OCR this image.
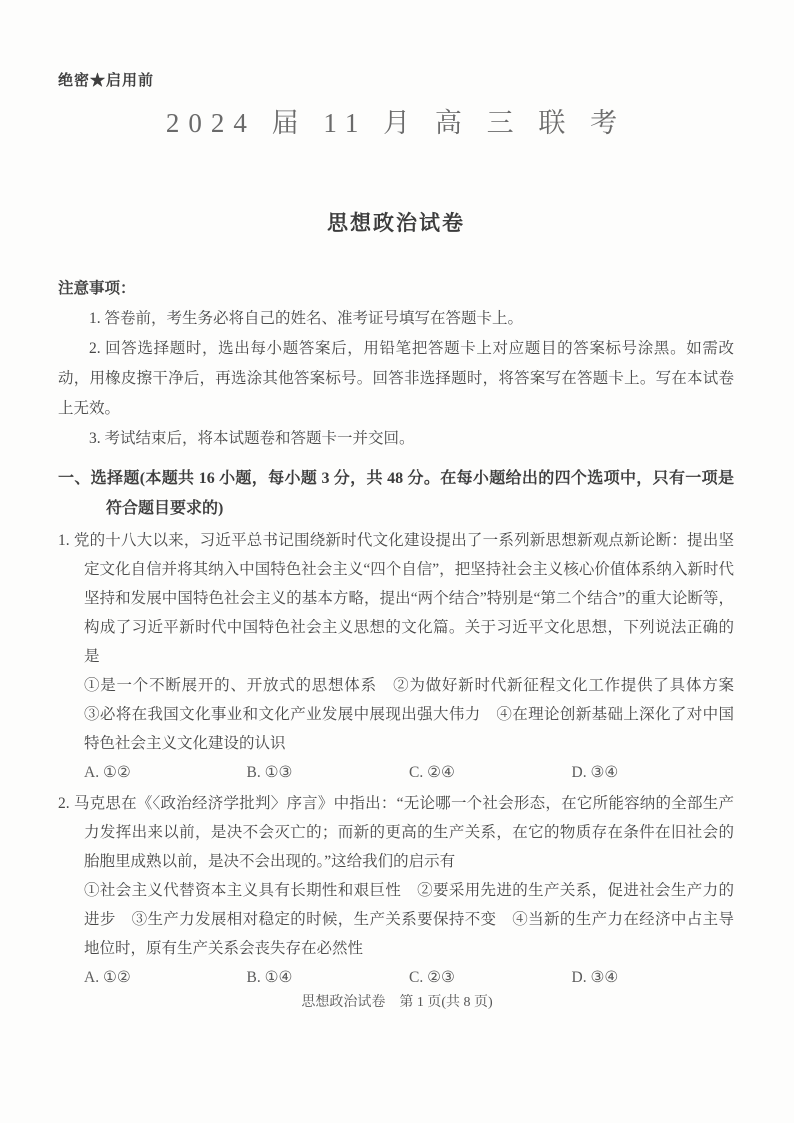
绝密★启用前
2024 届 11 月 高 三 联 考
思想政治试卷
注意事项：

1. 答卷前，考生务必将自己的姓名、准考证号填写在答题卡上。

2. 回答选择题时，选出每小题答案后，用铅笔把答题卡上对应题目的答案标号涂黑。如需改动，用橡皮擦干净后，再选涂其他答案标号。回答非选择题时，将答案写在答题卡上。写在本试卷上无效。

3. 考试结束后，将本试题卷和答题卡一并交回。

一、选择题(本题共 16 小题，每小题 3 分，共 48 分。在每小题给出的四个选项中，只有一项是符合题目要求的)

1. 党的十八大以来，习近平总书记围绕新时代文化建设提出了一系列新思想新观点新论断：提出坚定文化自信并将其纳入中国特色社会主义“四个自信”，把坚持社会主义核心价值体系纳入新时代坚持和发展中国特色社会主义的基本方略，提出“两个结合”特别是“第二个结合”的重大论断等，构成了习近平新时代中国特色社会主义思想的文化篇。关于习近平文化思想，下列说法正确的是

①是一个不断展开的、开放式的思想体系　②为做好新时代新征程文化工作提供了具体方案　③必将在我国文化事业和文化产业发展中展现出强大伟力　④在理论创新基础上深化了对中国特色社会主义文化建设的认识

A. ①②	B. ①③	C. ②④	D. ③④

2. 马克思在《〈政治经济学批判〉序言》中指出：“无论哪一个社会形态，在它所能容纳的全部生产力发挥出来以前，是决不会灭亡的；而新的更高的生产关系，在它的物质存在条件在旧社会的胎胞里成熟以前，是决不会出现的。”这给我们的启示有

①社会主义代替资本主义具有长期性和艰巨性　②要采用先进的生产关系，促进社会生产力的进步　③生产力发展相对稳定的时候，生产关系要保持不变　④当新的生产力在经济中占主导地位时，原有生产关系会丧失存在必然性

A. ①②	B. ①④	C. ②③	D. ③④
思想政治试卷　第 1 页(共 8 页)
